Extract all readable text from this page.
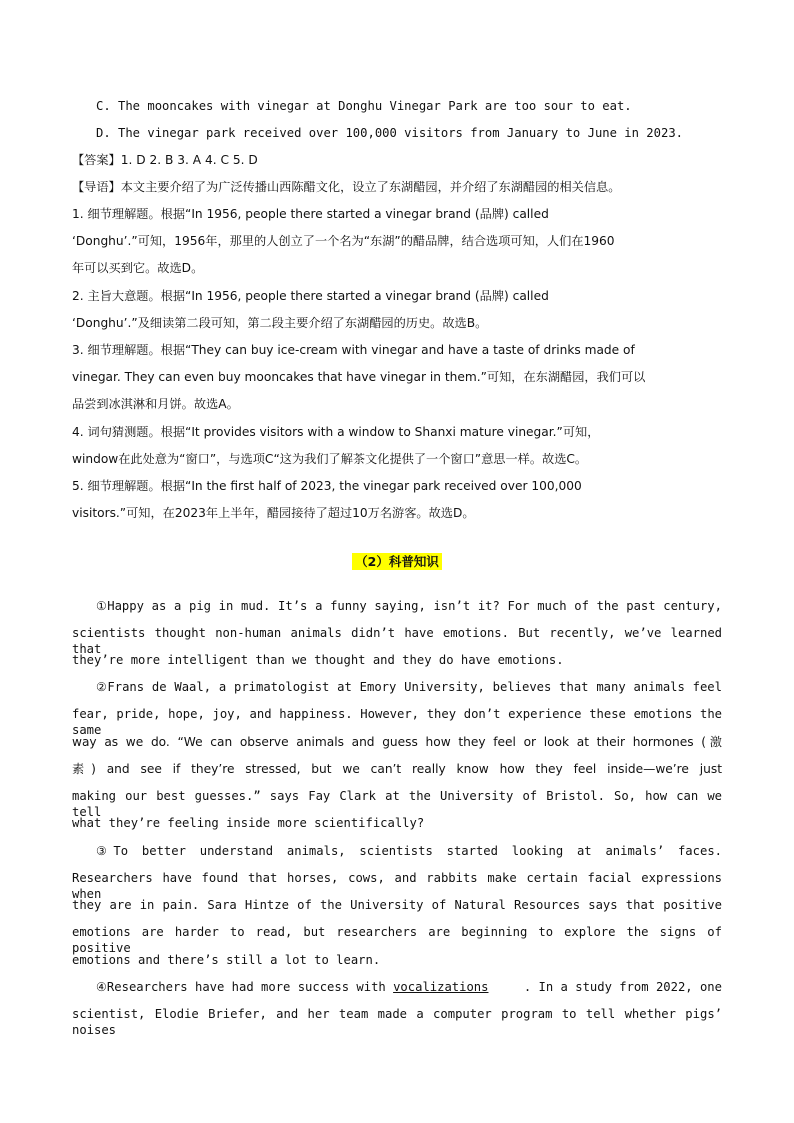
C. The mooncakes with vinegar at Donghu Vinegar Park are too sour to eat.
D. The vinegar park received over 100,000 visitors from January to June in 2023.
【答案】1. D 2. B 3. A 4. C 5. D
【导语】本文主要介绍了为广泛传播山西陈醋文化，设立了东湖醋园，并介绍了东湖醋园的相关信息。
1. 细节理解题。根据“In 1956, people there started a vinegar brand (品牌) called
‘Donghu’.”可知，1956年，那里的人创立了一个名为“东湖”的醋品牌，结合选项可知，人们在1960
年可以买到它。故选D。
2. 主旨大意题。根据“In 1956, people there started a vinegar brand (品牌) called
‘Donghu’.”及细读第二段可知，第二段主要介绍了东湖醋园的历史。故选B。
3. 细节理解题。根据“They can buy ice-cream with vinegar and have a taste of drinks made of
vinegar. They can even buy mooncakes that have vinegar in them.”可知，在东湖醋园，我们可以
品尝到冰淇淋和月饼。故选A。
4. 词句猜测题。根据“It provides visitors with a window to Shanxi mature vinegar.”可知，
window在此处意为“窗口”，与选项C“这为我们了解茶文化提供了一个窗口”意思一样。故选C。
5. 细节理解题。根据“In the first half of 2023, the vinegar park received over 100,000
visitors.”可知，在2023年上半年，醋园接待了超过10万名游客。故选D。
（2）科普知识
①Happy as a pig in mud. It’s a funny saying, isn’t it? For much of the past century,
scientists thought non-human animals didn’t have emotions. But recently, we’ve learned that
they’re more intelligent than we thought and they do have emotions.
②Frans de Waal, a primatologist at Emory University, believes that many animals feel
fear, pride, hope, joy, and happiness. However, they don’t experience these emotions the same
way as we do. “We can observe animals and guess how they feel or look at their hormones (激
素) and see if they’re stressed, but we can’t really know how they feel inside—we’re just
making our best guesses.” says Fay Clark at the University of Bristol. So, how can we tell
what they’re feeling inside more scientifically?
③To better understand animals, scientists started looking at animals’ faces.
Researchers have found that horses, cows, and rabbits make certain facial expressions when
they are in pain. Sara Hintze of the University of Natural Resources says that positive
emotions are harder to read, but researchers are beginning to explore the signs of positive
emotions and there’s still a lot to learn.
④Researchers have had more success with vocalizations	. In a study from 2022, one
scientist, Elodie Briefer, and her team made a computer program to tell whether pigs’ noises
